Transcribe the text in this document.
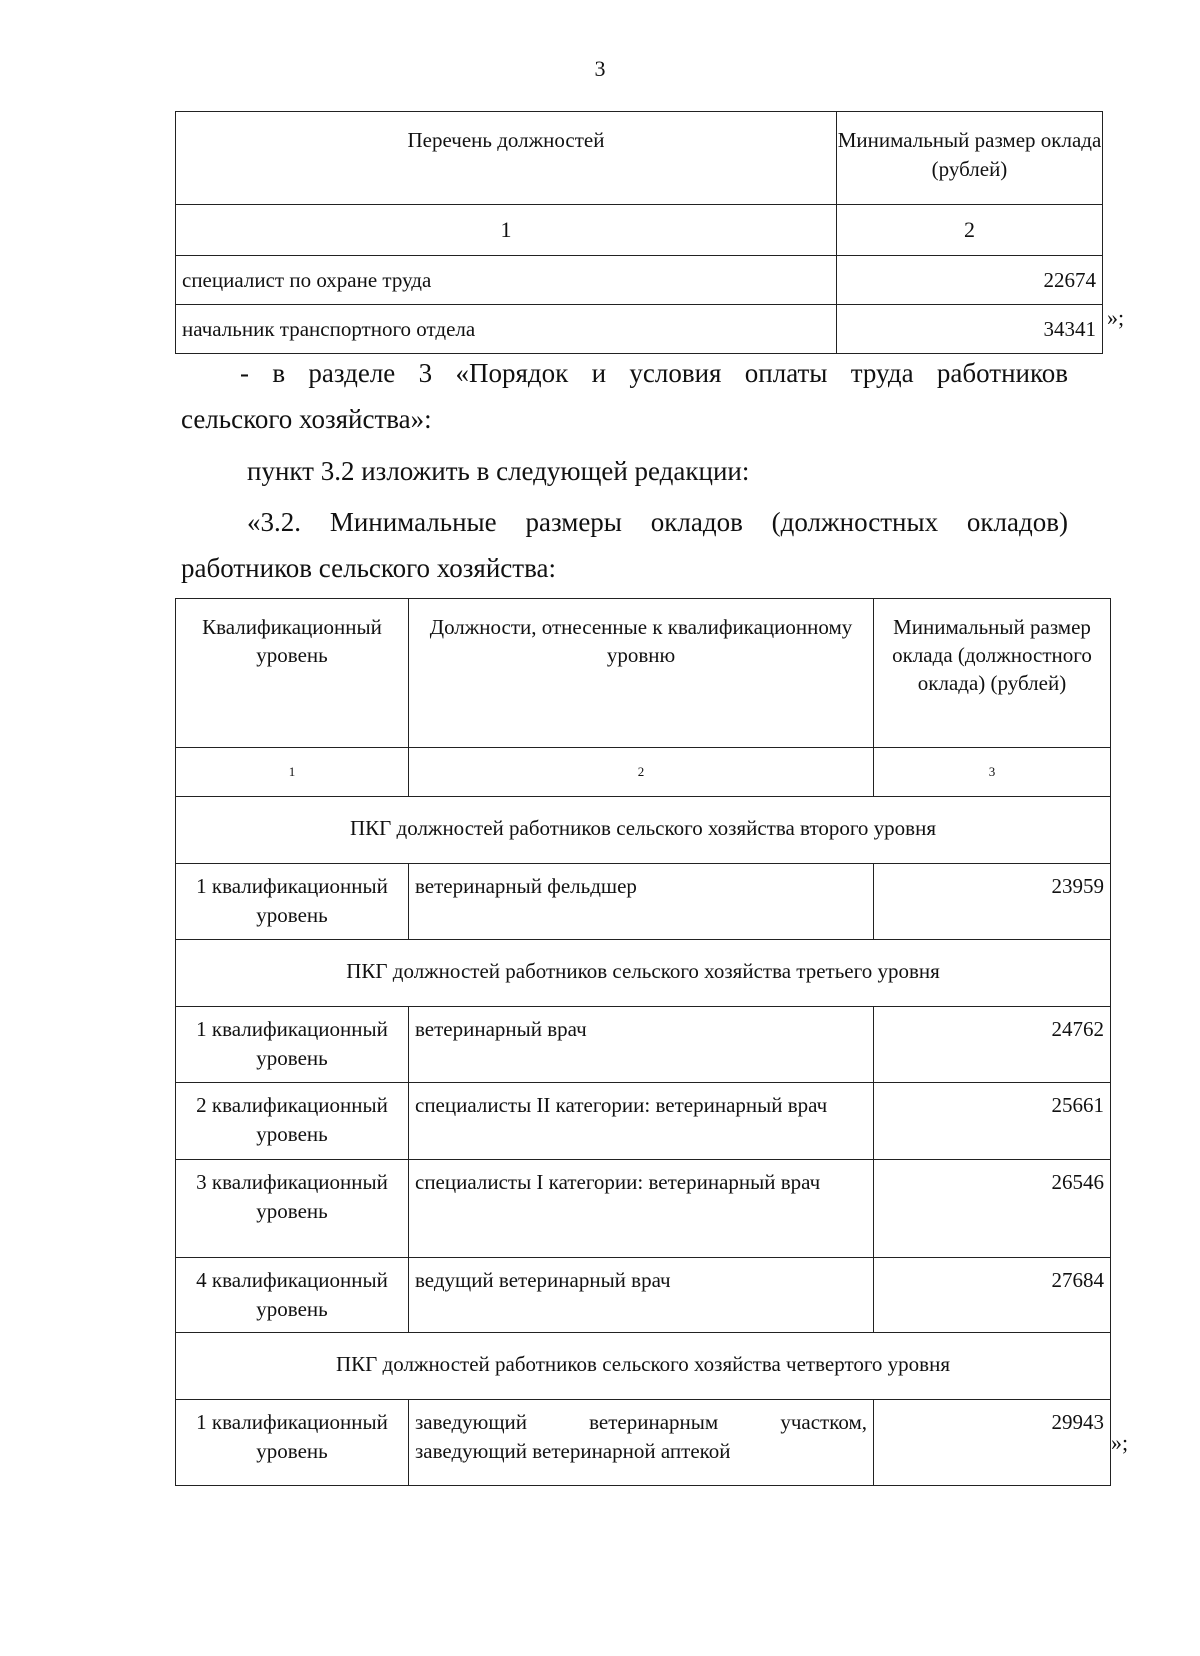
3
Перечень должностей	Минимальный размер оклада (рублей)
1	2
специалист по охране труда	22674
начальник транспортного отдела	34341 »;
- в разделе 3 «Порядок и условия оплаты труда работников
сельского хозяйства»:
пункт 3.2 изложить в следующей редакции:
«3.2. Минимальные размеры окладов (должностных окладов)
работников сельского хозяйства:
Квалификационный уровень	Должности, отнесенные к квалификационному уровню	Минимальный размер оклада (должностного оклада) (рублей)
1	2	3
ПКГ должностей работников сельского хозяйства второго уровня		
1 квалификационный уровень	ветеринарный фельдшер	23959
ПКГ должностей работников сельского хозяйства третьего уровня		
1 квалификационный уровень	ветеринарный врач	24762
2 квалификационный уровень	специалисты II категории: ветеринарный врач	25661
3 квалификационный уровень	специалисты I категории: ветеринарный врач	26546
4 квалификационный уровень	ведущий ветеринарный врач	27684
ПКГ должностей работников сельского хозяйства четвертого уровня		
1 квалификационный уровень	заведующий ветеринарным участком, заведующий ветеринарной аптекой	29943
»;
